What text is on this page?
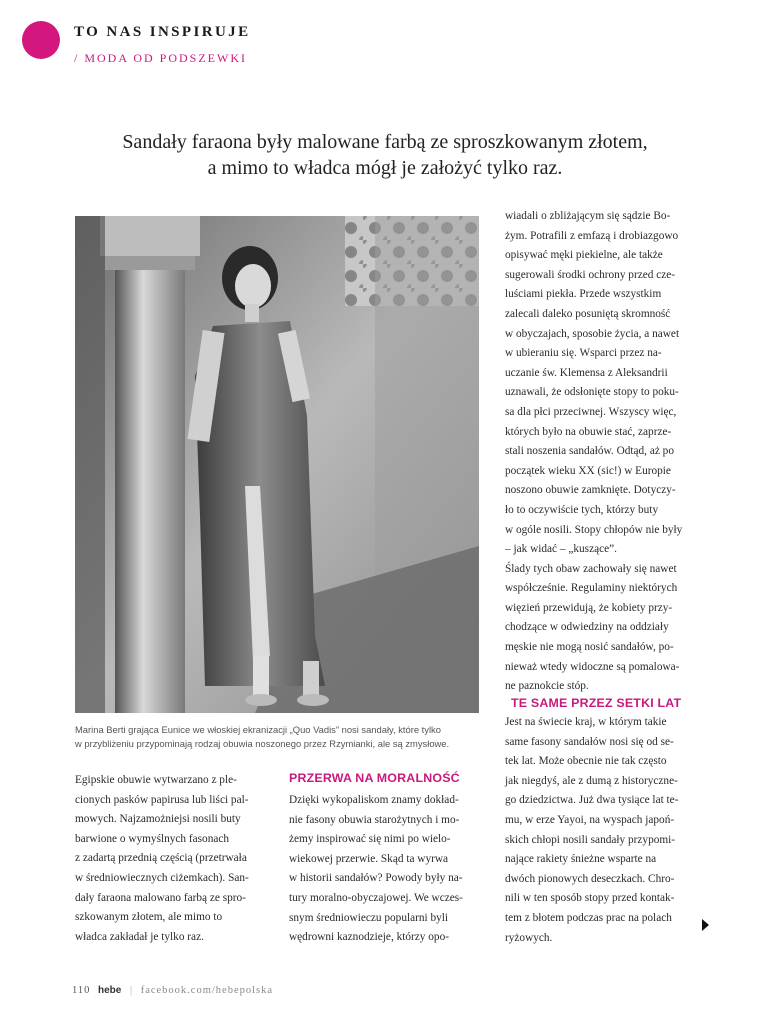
TO NAS INSPIRUJE
/ MODA OD PODSZEWKI
Sandały faraona były malowane farbą ze sproszkowanym złotem,
a mimo to władca mógł je założyć tylko raz.
Marina Berti grająca Eunice we włoskiej ekranizacji „Quo Vadis” nosi sandały, które tylko
w przybliżeniu przypominają rodzaj obuwia noszonego przez Rzymianki, ale są zmysłowe.
Egipskie obuwie wytwarzano z ple-
cionych pasków papirusa lub liści pal-
mowych. Najzamożniejsi nosili buty
barwione o wymyślnych fasonach
z zadartą przednią częścią (przetrwała
w średniowiecznych ciżemkach). San-
dały faraona malowano farbą ze spro-
szkowanym złotem, ale mimo to
władca zakładał je tylko raz.
PRZERWA NA MORALNOŚĆ
Dzięki wykopaliskom znamy dokład-
nie fasony obuwia starożytnych i mo-
żemy inspirować się nimi po wielo-
wiekowej przerwie. Skąd ta wyrwa
w historii sandałów? Powody były na-
tury moralno-obyczajowej. We wczes-
snym średniowieczu popularni byli
wędrowni kaznodzieje, którzy opo-
wiadali o zbliżającym się sądzie Bo-
żym. Potrafili z emfazą i drobiazgowo
opisywać męki piekielne, ale także
sugerowali środki ochrony przed cze-
luściami piekła. Przede wszystkim
zalecali daleko posuniętą skromność
w obyczajach, sposobie życia, a nawet
w ubieraniu się. Wsparci przez na-
uczanie św. Klemensa z Aleksandrii
uznawali, że odsłonięte stopy to poku-
sa dla płci przeciwnej. Wszyscy więc,
których było na obuwie stać, zaprze-
stali noszenia sandałów. Odtąd, aż po
początek wieku XX (sic!) w Europie
noszono obuwie zamknięte. Dotyczy-
ło to oczywiście tych, którzy buty
w ogóle nosili. Stopy chłopów nie były
– jak widać – „kuszące”.
Ślady tych obaw zachowały się nawet
współcześnie. Regulaminy niektórych
więzień przewidują, że kobiety przy-
chodzące w odwiedziny na oddziały
męskie nie mogą nosić sandałów, po-
nieważ wtedy widoczne są pomalowa-
ne paznokcie stóp.
TE SAME PRZEZ SETKI LAT
Jest na świecie kraj, w którym takie
same fasony sandałów nosi się od se-
tek lat. Może obecnie nie tak często
jak niegdyś, ale z dumą z historyczne-
go dziedzictwa. Już dwa tysiące lat te-
mu, w erze Yayoi, na wyspach japoń-
skich chłopi nosili sandały przypomi-
nające rakiety śnieżne wsparte na
dwóch pionowych deseczkach. Chro-
nili w ten sposób stopy przed kontak-
tem z błotem podczas prac na polach
ryżowych.
110 hebe | facebook.com/hebepolska
